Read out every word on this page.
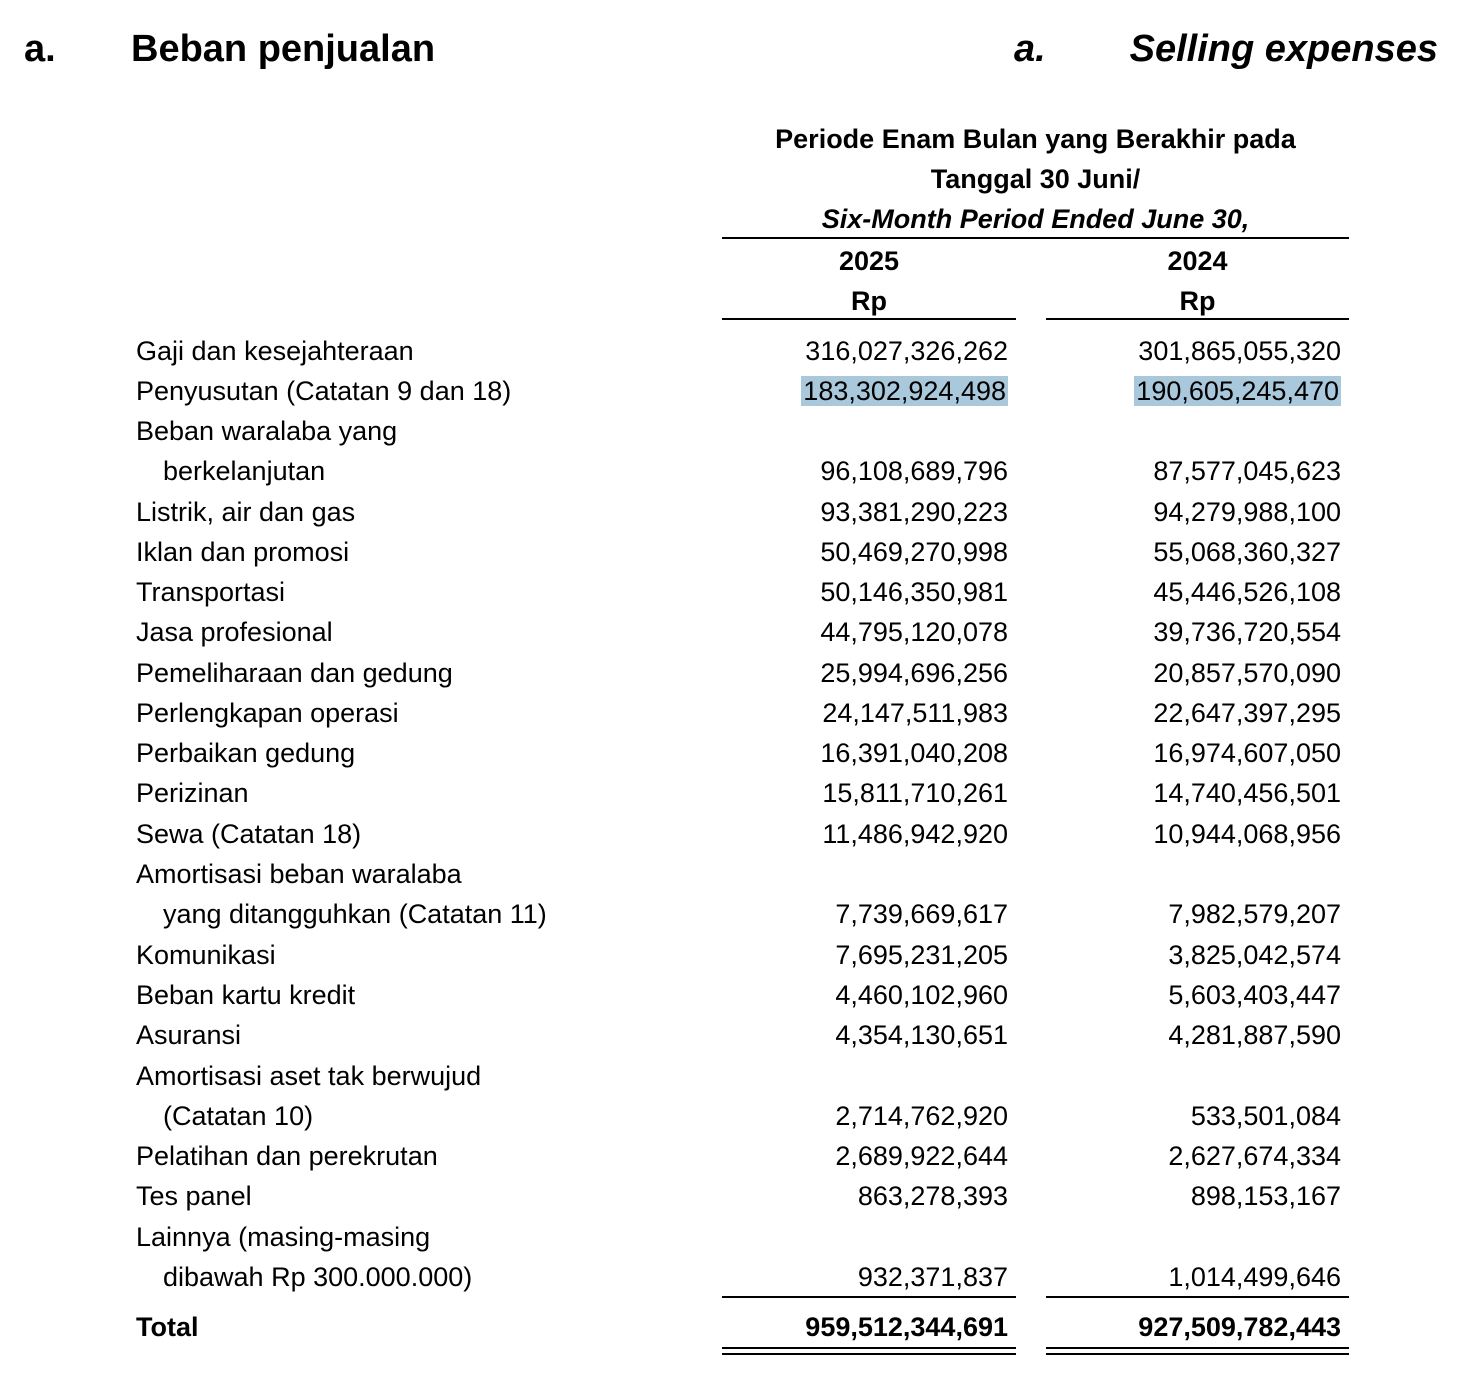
a. Beban penjualan	a. Selling expenses
Periode Enam Bulan yang Berakhir pada
Tanggal 30 Juni/
Six-Month Period Ended June 30,
2025	2024
Rp	Rp
Gaji dan kesejahteraan	316,027,326,262	301,865,055,320
Penyusutan (Catatan 9 dan 18)	183,302,924,498	190,605,245,470
Beban waralaba yang
berkelanjutan	96,108,689,796	87,577,045,623
Listrik, air dan gas	93,381,290,223	94,279,988,100
Iklan dan promosi	50,469,270,998	55,068,360,327
Transportasi	50,146,350,981	45,446,526,108
Jasa profesional	44,795,120,078	39,736,720,554
Pemeliharaan dan gedung	25,994,696,256	20,857,570,090
Perlengkapan operasi	24,147,511,983	22,647,397,295
Perbaikan gedung	16,391,040,208	16,974,607,050
Perizinan	15,811,710,261	14,740,456,501
Sewa (Catatan 18)	11,486,942,920	10,944,068,956
Amortisasi beban waralaba
yang ditangguhkan (Catatan 11)	7,739,669,617	7,982,579,207
Komunikasi	7,695,231,205	3,825,042,574
Beban kartu kredit	4,460,102,960	5,603,403,447
Asuransi	4,354,130,651	4,281,887,590
Amortisasi aset tak berwujud
(Catatan 10)	2,714,762,920	533,501,084
Pelatihan dan perekrutan	2,689,922,644	2,627,674,334
Tes panel	863,278,393	898,153,167
Lainnya (masing-masing
dibawah Rp 300.000.000)	932,371,837	1,014,499,646
Total	959,512,344,691	927,509,782,443
